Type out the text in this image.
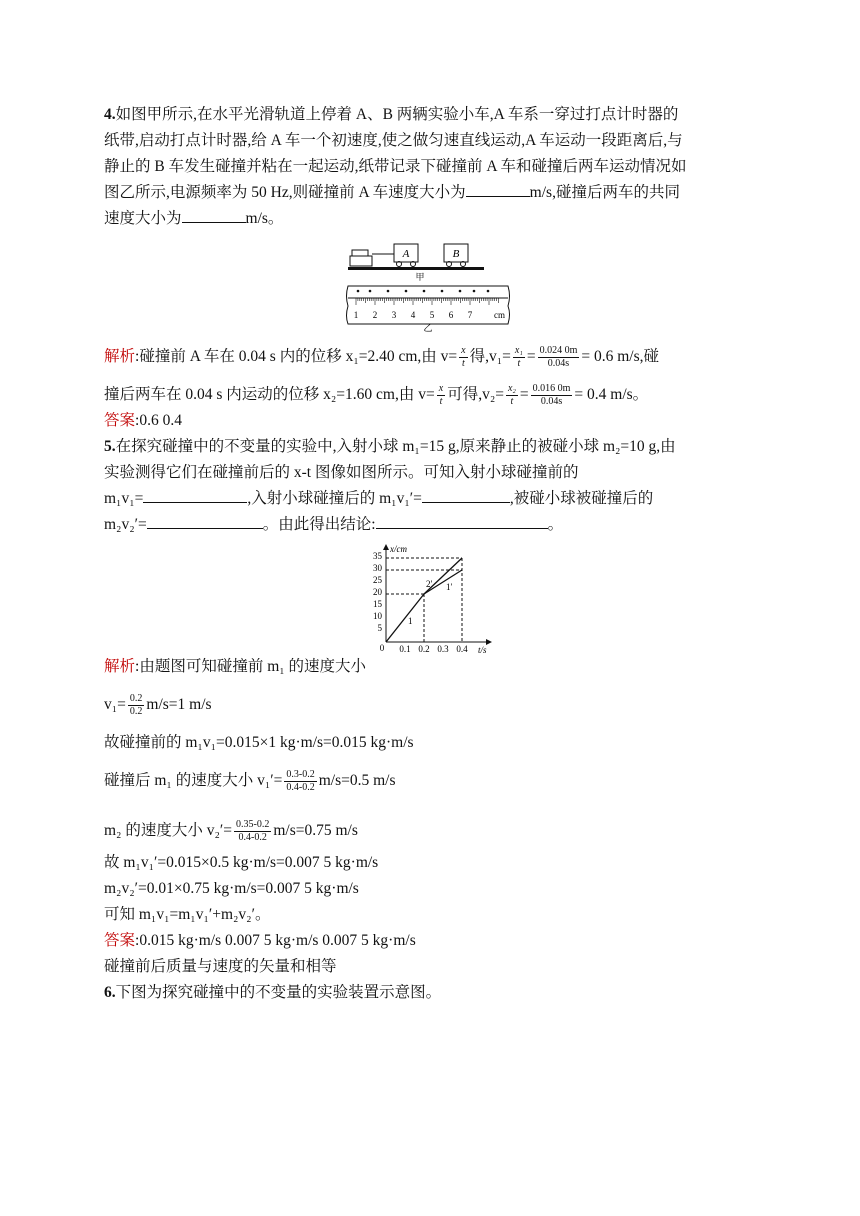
4.如图甲所示,在水平光滑轨道上停着 A、B 两辆实验小车,A 车系一穿过打点计时器的

纸带,启动打点计时器,给 A 车一个初速度,使之做匀速直线运动,A 车运动一段距离后,与

静止的 B 车发生碰撞并粘在一起运动,纸带记录下碰撞前 A 车和碰撞后两车运动情况如

图乙所示,电源频率为 50 Hz,则碰撞前 A 车速度大小为	m/s,碰撞后两车的共同

速度大小为	m/s。

A	B
甲
1 2 3 4 5 6 7 cm
乙

解析:碰撞前 A 车在 0.04 s 内的位移 x₁=2.40 cm,由 $v= \frac{x}{t}$ 得$,v_1= \frac{\text{x₁}}{t} = \frac{0.024 0m}{0.04s} = 0.6$ m/s,碰

撞后两车在 0.04 s 内运动的位移 x₂=1.60 cm,由 $v= \frac{x}{t}$ 可得$,v_2= \frac{\text{x₂}}{t} = \frac{0.016 0m}{0.04s} = 0.4$ m/s。

答案:0.6 0.4

5.在探究碰撞中的不变量的实验中,入射小球 m₁=15 g,原来静止的被碰小球 m₂=10 g,由

实验测得它们在碰撞前后的 x-t 图像如图所示。可知入射小球碰撞前的

m₁v₁=	,入射小球碰撞后的 m₁v₁′=	,被碰小球被碰撞后的

m₂v₂′=	。由此得出结论:	。

x/cm
t/s
0
35
30
25
20
15
10
5
0.1 0.2 0.3 0.4
1
2′ 1′

解析:由题图可知碰撞前 m₁ 的速度大小

$v_1= \frac{0.2}{0.2} m/s=1$ m/s

故碰撞前的 m₁v₁=0.015×1 kg·m/s=0.015 kg·m/s

碰撞后 m₁ 的速度大小 $v_1'= \frac{0.3-0.2}{0.4-0.2} m/s=0.5$ m/s

m₂ 的速度大小 $v_2'= \frac{0.35-0.2}{0.4-0.2} m/s=0.75$ m/s

故 m₁v₁′=0.015×0.5 kg·m/s=0.007 5 kg·m/s

m₂v₂′=0.01×0.75 kg·m/s=0.007 5 kg·m/s

可知 m₁v₁=m₁v₁′+m₂v₂′。

答案:0.015 kg·m/s 0.007 5 kg·m/s 0.007 5 kg·m/s

碰撞前后质量与速度的矢量和相等

6.下图为探究碰撞中的不变量的实验装置示意图。
